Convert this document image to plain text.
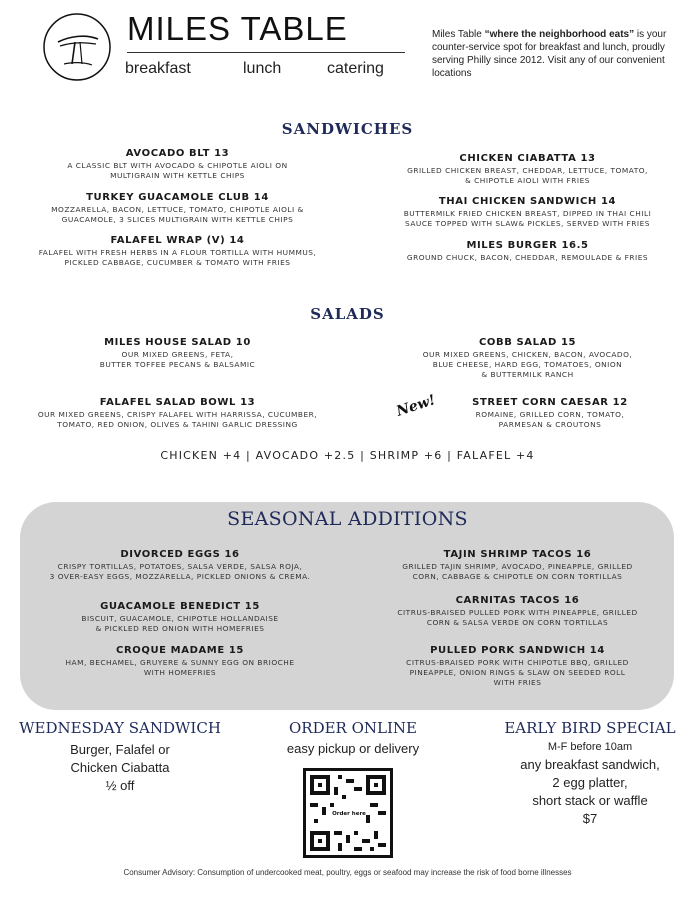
MILES TABLE
breakfast	lunch	catering
Miles Table “where the neighborhood eats” is your counter-service spot for breakfast and lunch, proudly serving Philly since 2012. Visit any of our convenient locations
SANDWICHES
AVOCADO BLT 13
A CLASSIC BLT WITH AVOCADO & CHIPOTLE AIOLI ON
MULTIGRAIN WITH KETTLE CHIPS
TURKEY GUACAMOLE CLUB 14
MOZZARELLA, BACON, LETTUCE, TOMATO, CHIPOTLE AIOLI &
GUACAMOLE, 3 SLICES MULTIGRAIN WITH KETTLE CHIPS
FALAFEL WRAP (V) 14
FALAFEL WITH FRESH HERBS IN A FLOUR TORTILLA WITH HUMMUS,
PICKLED CABBAGE, CUCUMBER & TOMATO WITH FRIES
CHICKEN CIABATTA 13
GRILLED CHICKEN BREAST, CHEDDAR, LETTUCE, TOMATO,
& CHIPOTLE AIOLI WITH FRIES
THAI CHICKEN SANDWICH 14
BUTTERMILK FRIED CHICKEN BREAST, DIPPED IN THAI CHILI
SAUCE TOPPED WITH SLAW& PICKLES, SERVED WITH FRIES
MILES BURGER 16.5
GROUND CHUCK, BACON, CHEDDAR, REMOULADE & FRIES
SALADS
MILES HOUSE SALAD 10
OUR MIXED GREENS, FETA,
BUTTER TOFFEE PECANS & BALSAMIC
FALAFEL SALAD BOWL 13
OUR MIXED GREENS, CRISPY FALAFEL WITH HARRISSA, CUCUMBER,
TOMATO, RED ONION, OLIVES & TAHINI GARLIC DRESSING
COBB SALAD 15
OUR MIXED GREENS, CHICKEN, BACON, AVOCADO,
BLUE CHEESE, HARD EGG, TOMATOES, ONION
& BUTTERMILK RANCH
New!	STREET CORN CAESAR 12
ROMAINE, GRILLED CORN, TOMATO,
PARMESAN & CROUTONS
CHICKEN +4 | AVOCADO +2.5 | SHRIMP +6 | FALAFEL +4
SEASONAL ADDITIONS
DIVORCED EGGS 16
CRISPY TORTILLAS, POTATOES, SALSA VERDE, SALSA ROJA,
3 OVER-EASY EGGS, MOZZARELLA, PICKLED ONIONS & CREMA.
GUACAMOLE BENEDICT 15
BISCUIT, GUACAMOLE, CHIPOTLE HOLLANDAISE
& PICKLED RED ONION WITH HOMEFRIES
CROQUE MADAME 15
HAM, BECHAMEL, GRUYERE & SUNNY EGG ON BRIOCHE
WITH HOMEFRIES
TAJIN SHRIMP TACOS 16
GRILLED TAJIN SHRIMP, AVOCADO, PINEAPPLE, GRILLED
CORN, CABBAGE & CHIPOTLE ON CORN TORTILLAS
CARNITAS TACOS 16
CITRUS-BRAISED PULLED PORK WITH PINEAPPLE, GRILLED
CORN & SALSA VERDE ON CORN TORTILLAS
PULLED PORK SANDWICH 14
CITRUS-BRAISED PORK WITH CHIPOTLE BBQ, GRILLED
PINEAPPLE, ONION RINGS & SLAW ON SEEDED ROLL
WITH FRIES
WEDNESDAY SANDWICH
Burger, Falafel or
Chicken Ciabatta
½ off
ORDER ONLINE
easy pickup or delivery
Order here
EARLY BIRD SPECIAL
M-F before 10am
any breakfast sandwich,
2 egg platter,
short stack or waffle
$7
Consumer Advisory: Consumption of undercooked meat, poultry, eggs or seafood may increase the risk of food borne illnesses
